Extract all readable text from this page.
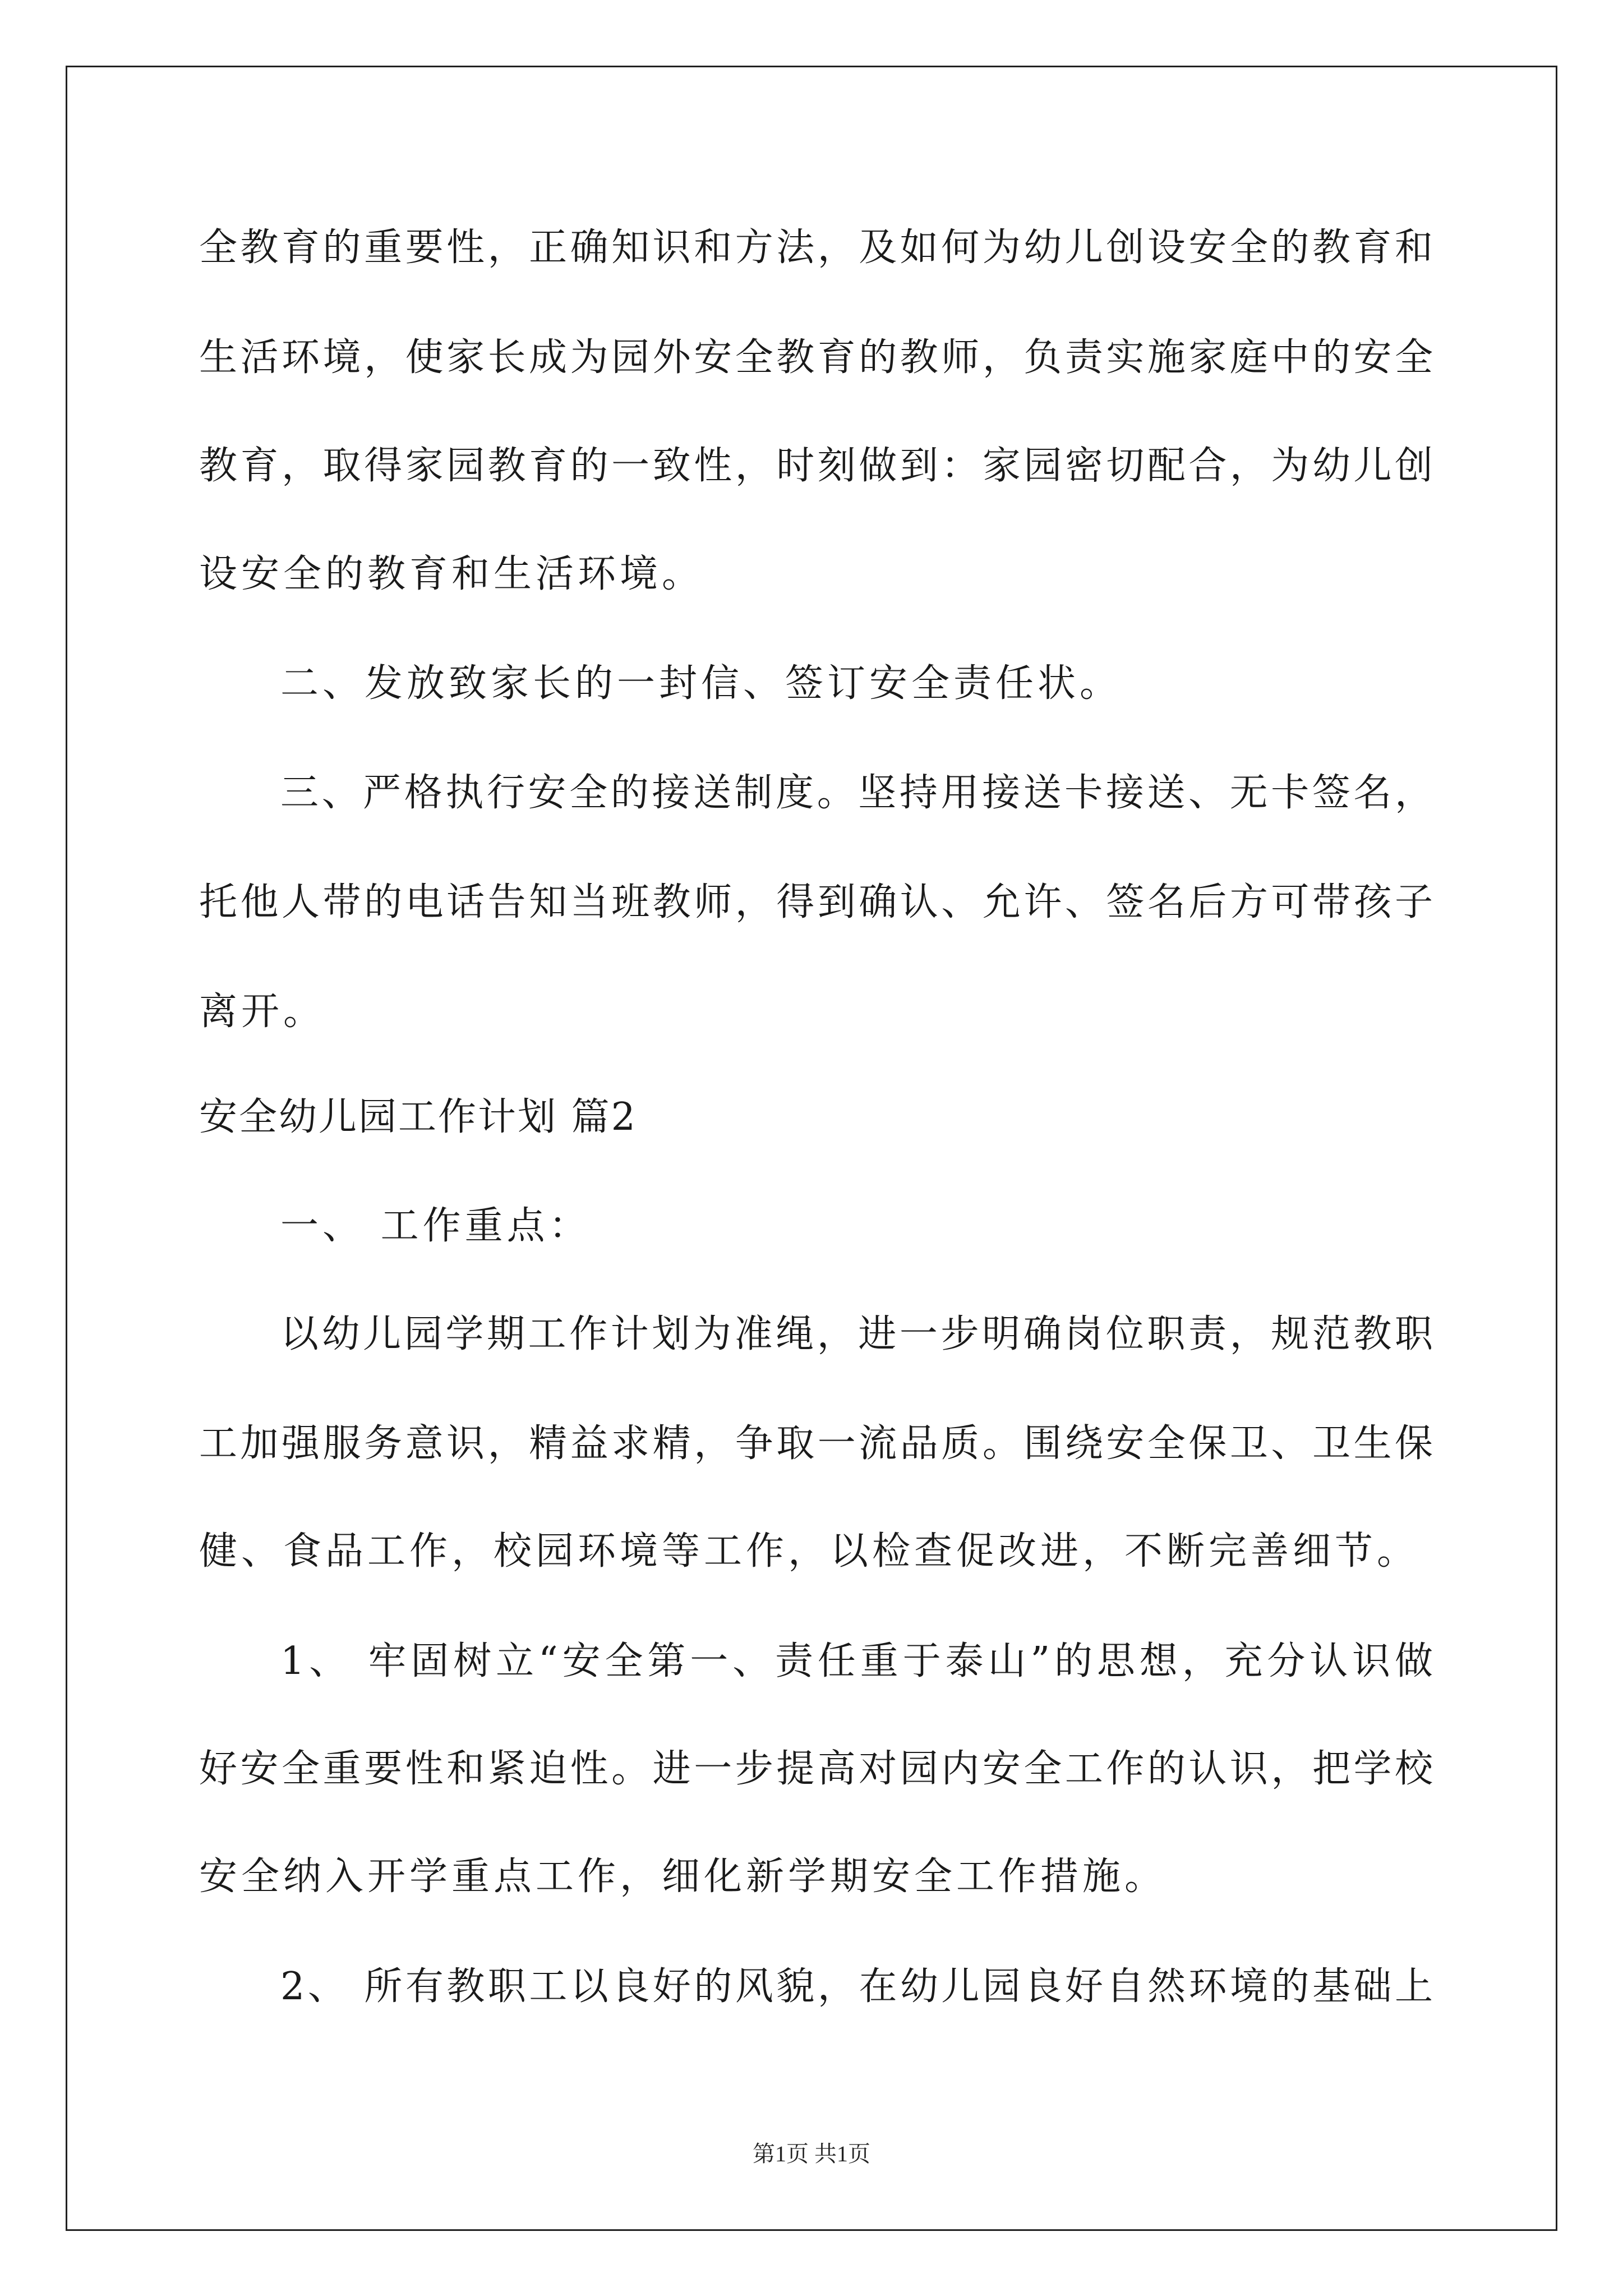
全教育的重要性，正确知识和方法，及如何为幼儿创设安全的教育和
生活环境，使家长成为园外安全教育的教师，负责实施家庭中的安全
教育，取得家园教育的一致性，时刻做到：家园密切配合，为幼儿创
设安全的教育和生活环境。
二、发放致家长的一封信、签订安全责任状。
三、严格执行安全的接送制度。坚持用接送卡接送、无卡签名，
托他人带的电话告知当班教师，得到确认、允许、签名后方可带孩子
离开。
安全幼儿园工作计划 篇2
一、 工作重点：
以幼儿园学期工作计划为准绳，进一步明确岗位职责，规范教职
工加强服务意识，精益求精，争取一流品质。围绕安全保卫、卫生保
健、食品工作，校园环境等工作，以检查促改进，不断完善细节。
1、 牢固树立“安全第一、责任重于泰山”的思想，充分认识做
好安全重要性和紧迫性。进一步提高对园内安全工作的认识，把学校
安全纳入开学重点工作，细化新学期安全工作措施。
2、 所有教职工以良好的风貌，在幼儿园良好自然环境的基础上
第1页 共1页
